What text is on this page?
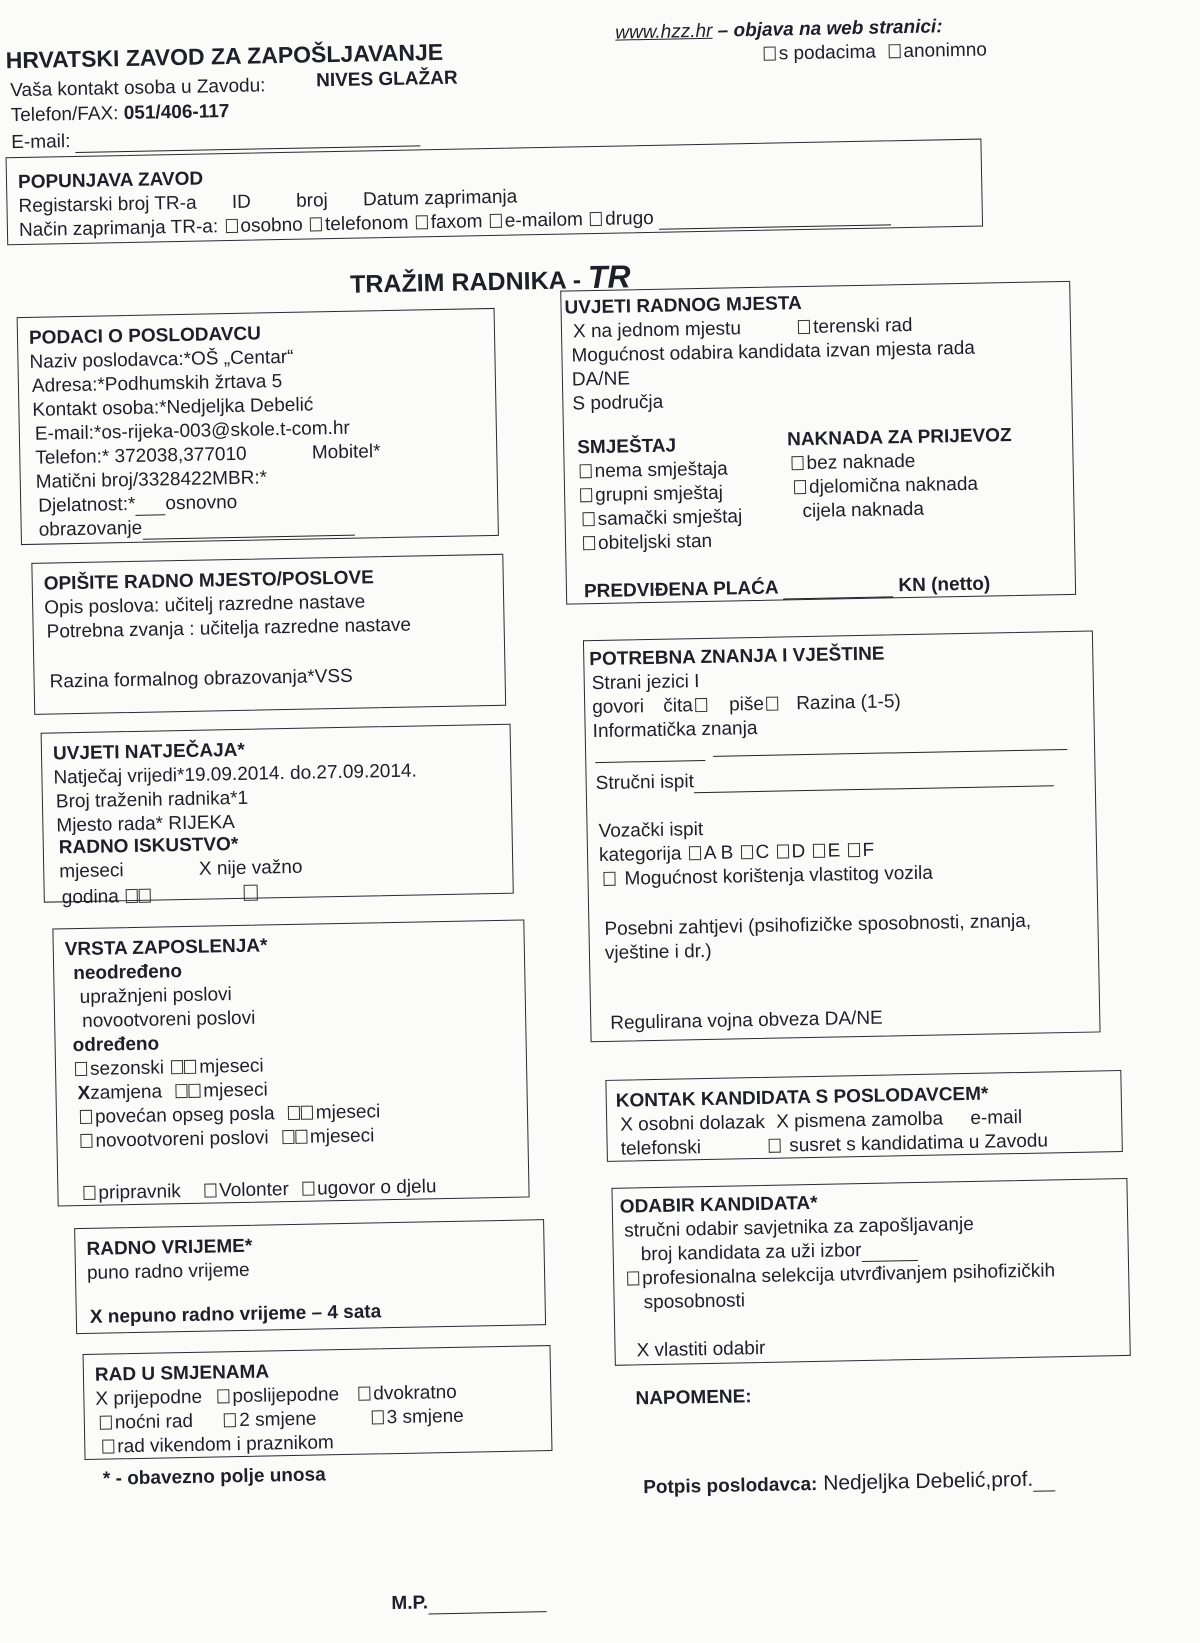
HRVATSKI ZAVOD ZA ZAPOŠLJAVANJE
Vaša kontakt osoba u Zavodu:	NIVES GLAŽAR
Telefon/FAX: 051/406-117
E-mail:
www.hzz.hr – objava na web stranici:
s podacima anonimno
POPUNJAVA ZAVOD
Registarski broj TR-a ID broj Datum zaprimanja
Način zaprimanja TR-a: osobno telefonom faxom e-mailom drugo
TRAŽIM RADNIKA - TR
PODACI O POSLODAVCU
Naziv poslodavca:*OŠ „Centar“
Adresa:*Podhumskih žrtava 5
Kontakt osoba:*Nedjeljka Debelić
E-mail:*os-rijeka-003@skole.t-com.hr
Telefon:* 372038,377010	Mobitel*
Matični broj/3328422MBR:*
Djelatnost:* osnovno
obrazovanje
OPIŠITE RADNO MJESTO/POSLOVE
Opis poslova: učitelj razredne nastave
Potrebna zvanja : učitelja razredne nastave
Razina formalnog obrazovanja*VSS
UVJETI NATJEČAJA*
Natječaj vrijedi*19.09.2014. do.27.09.2014.
Broj traženih radnika*1
Mjesto rada* RIJEKA
RADNO ISKUSTVO*
mjeseci	X nije važno
godina
VRSTA ZAPOSLENJA*
neodređeno
upražnjeni poslovi
novootvoreni poslovi
određeno
sezonski mjeseci
Xzamjena mjeseci
povećan opseg posla mjeseci
novootvoreni poslovi mjeseci
pripravnik Volonter ugovor o djelu
RADNO VRIJEME*
puno radno vrijeme
X nepuno radno vrijeme – 4 sata
RAD U SMJENAMA
X prijepodne poslijepodne dvokratno
noćni rad 2 smjene	3 smjene
rad vikendom i praznikom
* - obavezno polje unosa
M.P.
UVJETI RADNOG MJESTA
X na jednom mjestu	terenski rad
Mogućnost odabira kandidata izvan mjesta rada
DA/NE
S područja
SMJEŠTAJ
nema smještaja
grupni smještaj
samački smještaj
obiteljski stan
NAKNADA ZA PRIJEVOZ
bez naknade
djelomična naknada
cijela naknada
PREDVIĐENA PLAĆA	KN (netto)
POTREBNA ZNANJA I VJEŠTINE
Strani jezici I
govori čita piše Razina (1-5)
Informatička znanja
Stručni ispit
Vozački ispit
kategorija A B C D E F
Mogućnost korištenja vlastitog vozila
Posebni zahtjevi (psihofizičke sposobnosti, znanja,
vještine i dr.)
Regulirana vojna obveza DA/NE
KONTAK KANDIDATA S POSLODAVCEM*
X osobni dolazak X pismena zamolba e-mail
telefonski	susret s kandidatima u Zavodu
ODABIR KANDIDATA*
stručni odabir savjetnika za zapošljavanje
broj kandidata za uži izbor
profesionalna selekcija utvrđivanjem psihofizičkih
sposobnosti
X vlastiti odabir
NAPOMENE:
Potpis poslodavca: Nedjeljka Debelić,prof.
